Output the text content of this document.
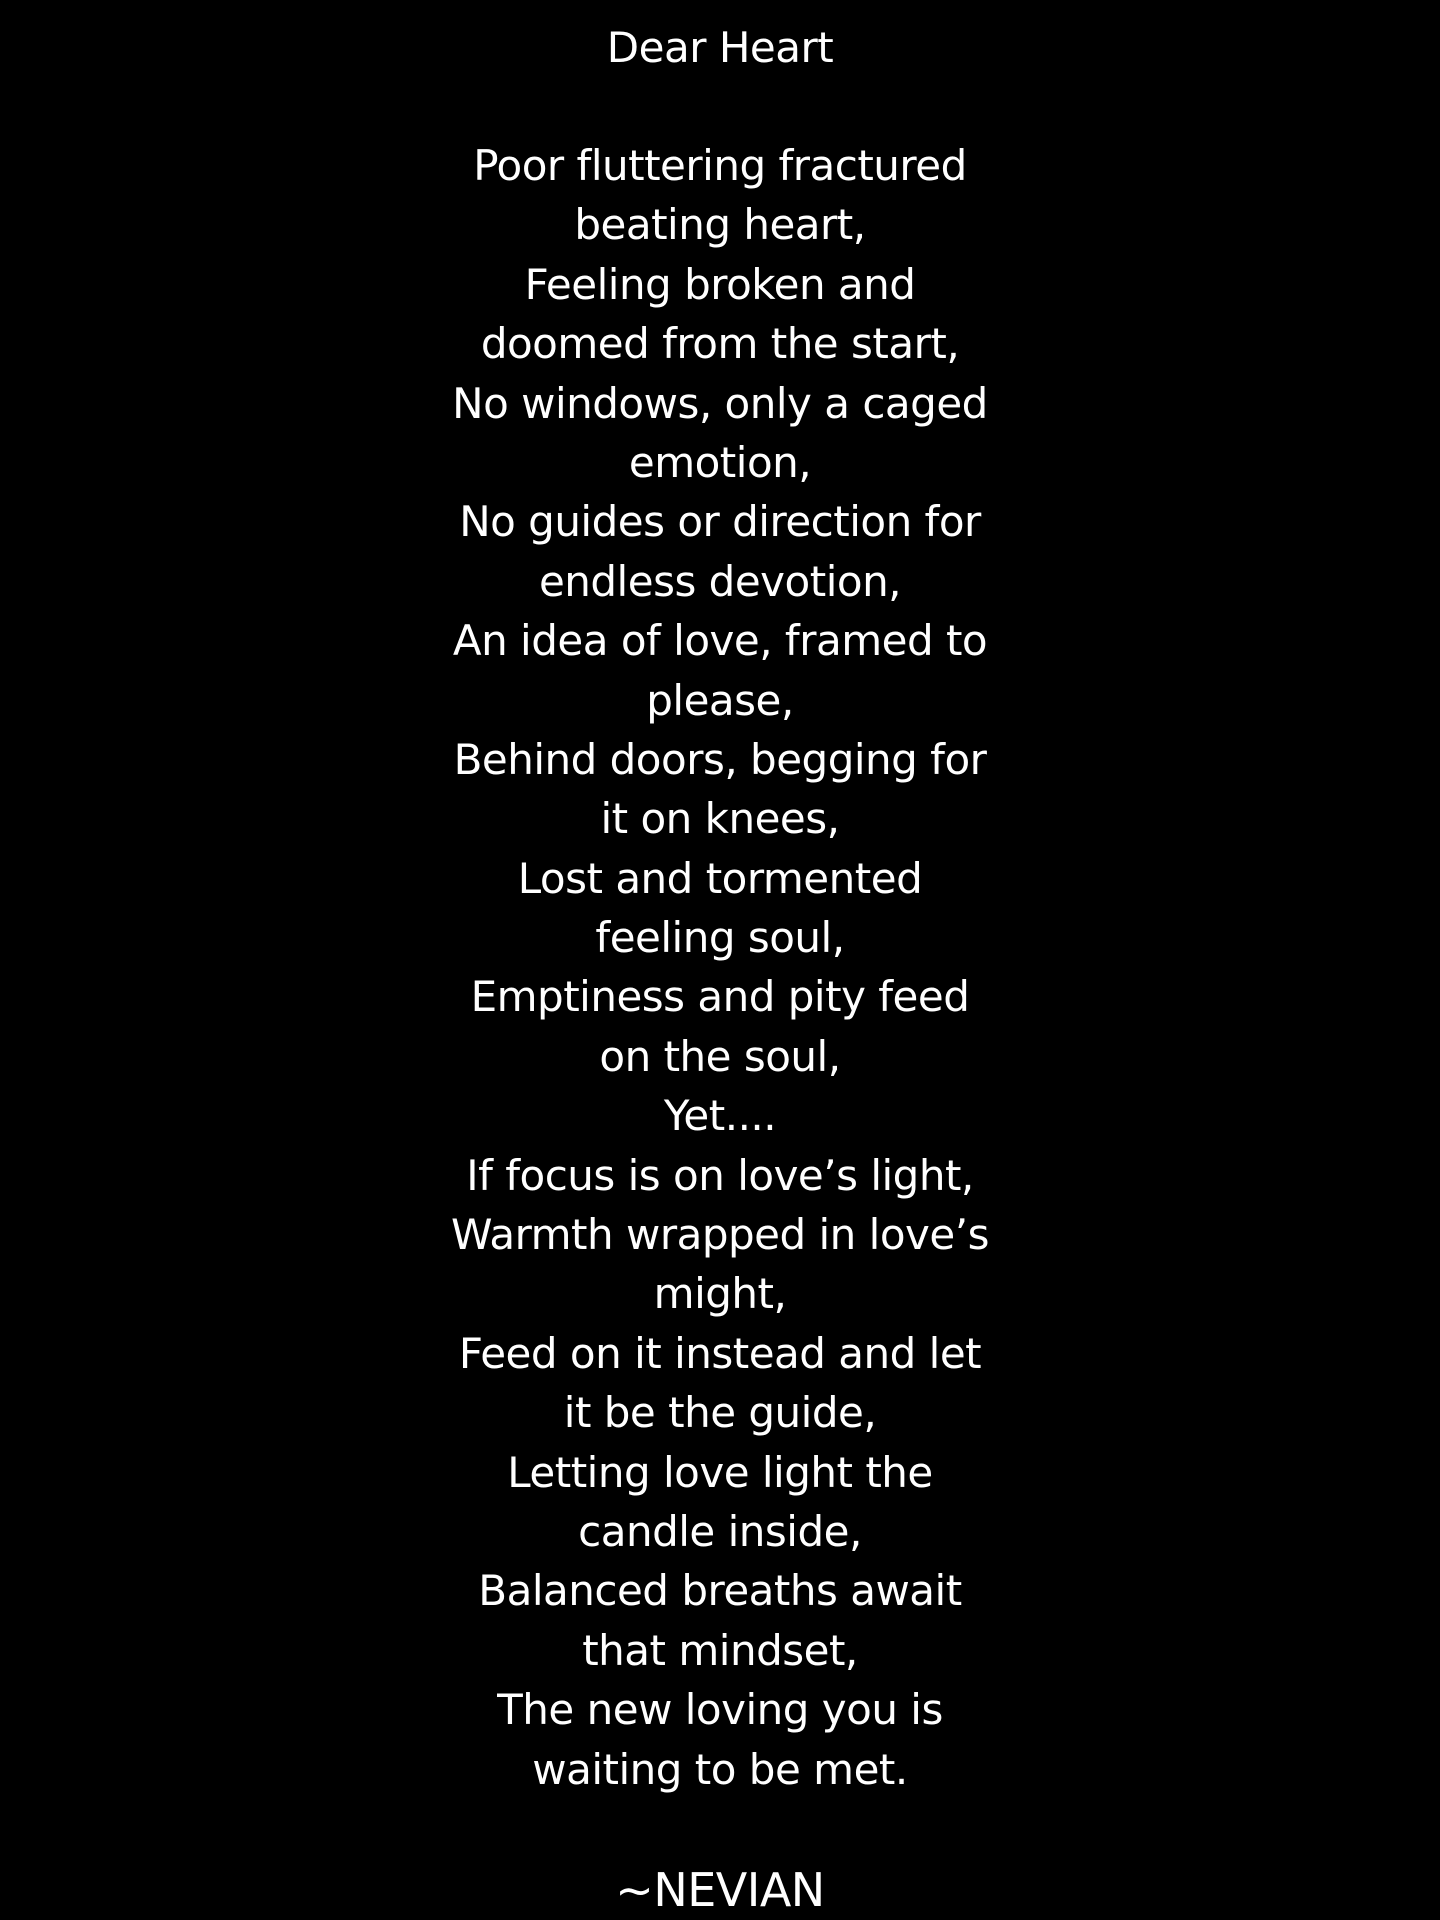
Dear Heart
Poor fluttering fractured
beating heart,
Feeling broken and
doomed from the start,
No windows, only a caged
emotion,
No guides or direction for
endless devotion,
An idea of love, framed to
please,
Behind doors, begging for
it on knees,
Lost and tormented
feeling soul,
Emptiness and pity feed
on the soul,
Yet....
If focus is on love’s light,
Warmth wrapped in love’s
might,
Feed on it instead and let
it be the guide,
Letting love light the
candle inside,
Balanced breaths await
that mindset,
The new loving you is
waiting to be met.
~NEVIAN
